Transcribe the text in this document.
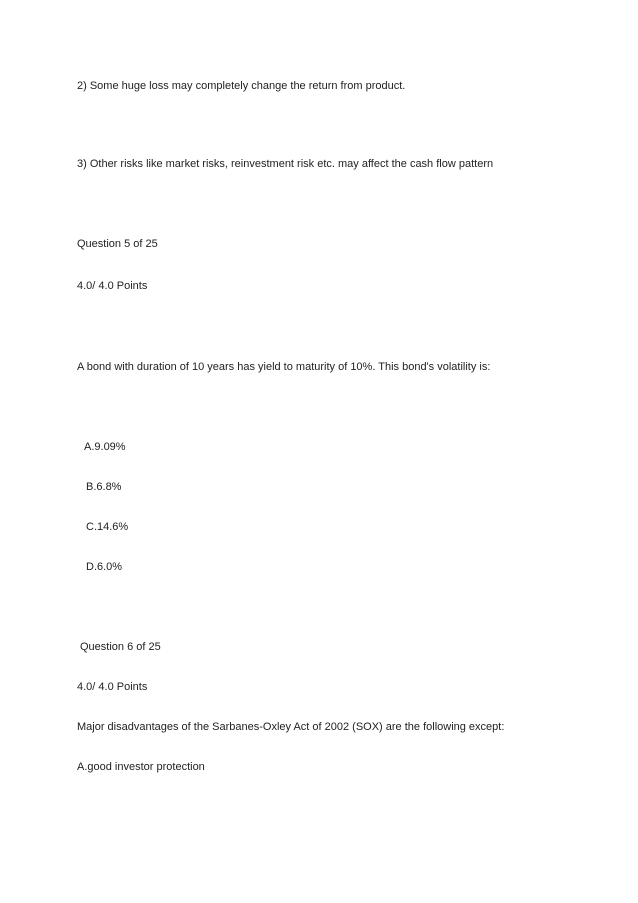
2) Some huge loss may completely change the return from product.
3) Other risks like market risks, reinvestment risk etc. may affect the cash flow pattern
Question 5 of 25
4.0/ 4.0 Points
A bond with duration of 10 years has yield to maturity of 10%. This bond's volatility is:
A.9.09%
B.6.8%
C.14.6%
D.6.0%
Question 6 of 25
4.0/ 4.0 Points
Major disadvantages of the Sarbanes-Oxley Act of 2002 (SOX) are the following except:
A.good investor protection
